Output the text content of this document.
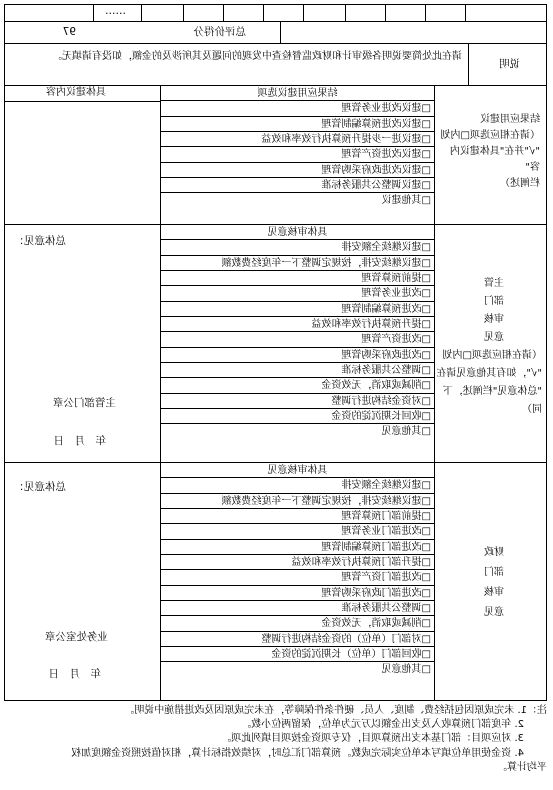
……
总评价得分
97
说明
请在此处简要说明各级审计和财政监督检查中发现的问题及其所涉及的金额，如没有请填无。
结果应用建议
（请在相应选项□内划
"√"并在"具体建议内容"
栏阐述）
结果应用建议选项
□建议改进业务管理
□建议改进预算编制管理
□建议进一步提升预算执行效率和效益
□建议改进资产管理
□建议改进政府采购管理
□建议调整公共服务标准
□其他建议
具体建议内容
主管
部门
审核
意见
（请在相应选项□内划
"√"，如有其他意见请在
"总体意见"栏阐述，下同）
具体审核意见
□建议继续全额安排
□建议继续安排，按规定调整下一年度经费数额
□提前预算管理
□改进业务管理
□改进预算编制管理
□提升预算执行效率和效益
□改进资产管理
□改进政府采购管理
□调整公共服务标准
□削减或取消，无效资金
□对资金结构进行调整
□收回长期沉淀的资金
□其他意见
总体意见：
主管部门公章
年　月　日
财政
部门
审核
意见
具体审核意见
□建议继续全额安排
□建议继续安排，按规定调整下一年度经费数额
□提前部门预算管理
□改进部门业务管理
□改进部门预算编制管理
□提升部门预算执行效率和效益
□改进部门资产管理
□改进部门政府采购管理
□调整公共服务标准
□削减或取消，无效资金
□对部门（单位）的资金结构进行调整
□收回部门（单位）长期沉淀的资金
□其他意见
总体意见：
业务处室公章
年　月　日

注：1. 未完成原因包括经费、制度、人员、硬件条件保障等，在未完成原因及改进措施中说明。

2. 年度部门预算收入及支出金额以万元为单位，保留两位小数。

3. 对应项目：部门基本支出预算项目，仅专项资金按项目填列此项。

4. 资金使用单位填写本单位实际完成数。预算部门汇总时，对绩效指标计算，相对值按照资金额度加权

平均计算。
